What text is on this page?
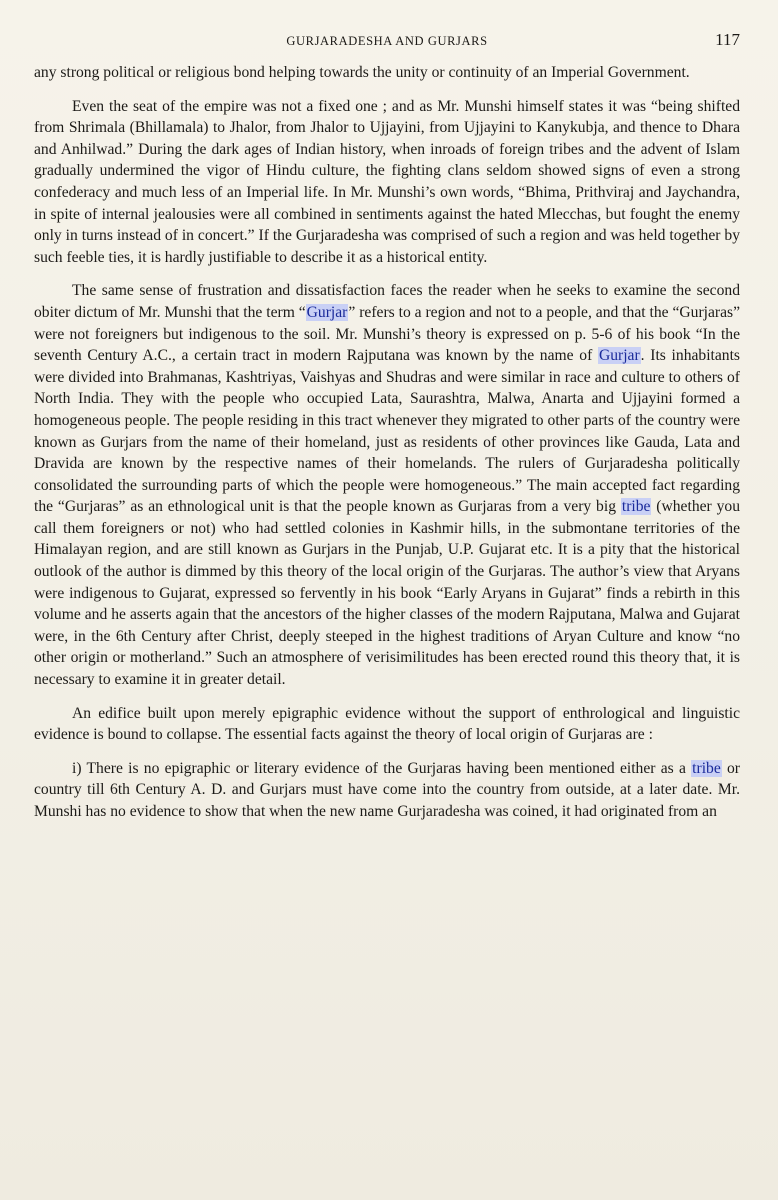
GURJARADESHA AND GURJARS	117

any strong political or religious bond helping towards the unity or continuity of an Imperial Government.

Even the seat of the empire was not a fixed one ; and as Mr. Munshi himself states it was “being shifted from Shrimala (Bhillamala) to Jhalor, from Jhalor to Ujjayini, from Ujjayini to Kanykubja, and thence to Dhara and Anhilwad.” During the dark ages of Indian history, when inroads of foreign tribes and the advent of Islam gradually undermined the vigor of Hindu culture, the fighting clans seldom showed signs of even a strong confederacy and much less of an Imperial life. In Mr. Munshi’s own words, “Bhima, Prithviraj and Jaychandra, in spite of internal jealousies were all combined in sentiments against the hated Mlecchas, but fought the enemy only in turns instead of in concert.” If the Gurjaradesha was comprised of such a region and was held together by such feeble ties, it is hardly justifiable to describe it as a historical entity.

The same sense of frustration and dissatisfaction faces the reader when he seeks to examine the second obiter dictum of Mr. Munshi that the term “Gurjar” refers to a region and not to a people, and that the “Gurjaras” were not foreigners but indigenous to the soil. Mr. Munshi’s theory is expressed on p. 5-6 of his book “In the seventh Century A.C., a certain tract in modern Rajputana was known by the name of Gurjar. Its inhabitants were divided into Brahmanas, Kashtriyas, Vaishyas and Shudras and were similar in race and culture to others of North India. They with the people who occupied Lata, Saurashtra, Malwa, Anarta and Ujjayini formed a homogeneous people. The people residing in this tract whenever they migrated to other parts of the country were known as Gurjars from the name of their homeland, just as residents of other provinces like Gauda, Lata and Dravida are known by the respective names of their homelands. The rulers of Gurjaradesha politically consolidated the surrounding parts of which the people were homogeneous.” The main accepted fact regarding the “Gurjaras” as an ethnological unit is that the people known as Gurjaras from a very big tribe (whether you call them foreigners or not) who had settled colonies in Kashmir hills, in the submontane territories of the Himalayan region, and are still known as Gurjars in the Punjab, U.P. Gujarat etc. It is a pity that the historical outlook of the author is dimmed by this theory of the local origin of the Gurjaras. The author’s view that Aryans were indigenous to Gujarat, expressed so fervently in his book “Early Aryans in Gujarat” finds a rebirth in this volume and he asserts again that the ancestors of the higher classes of the modern Rajputana, Malwa and Gujarat were, in the 6th Century after Christ, deeply steeped in the highest traditions of Aryan Culture and know “no other origin or motherland.” Such an atmosphere of verisimilitudes has been erected round this theory that, it is necessary to examine it in greater detail.

An edifice built upon merely epigraphic evidence without the support of enthrological and linguistic evidence is bound to collapse. The essential facts against the theory of local origin of Gurjaras are :

i) There is no epigraphic or literary evidence of the Gurjaras having been mentioned either as a tribe or country till 6th Century A. D. and Gurjars must have come into the country from outside, at a later date. Mr. Munshi has no evidence to show that when the new name Gurjaradesha was coined, it had originated from an
